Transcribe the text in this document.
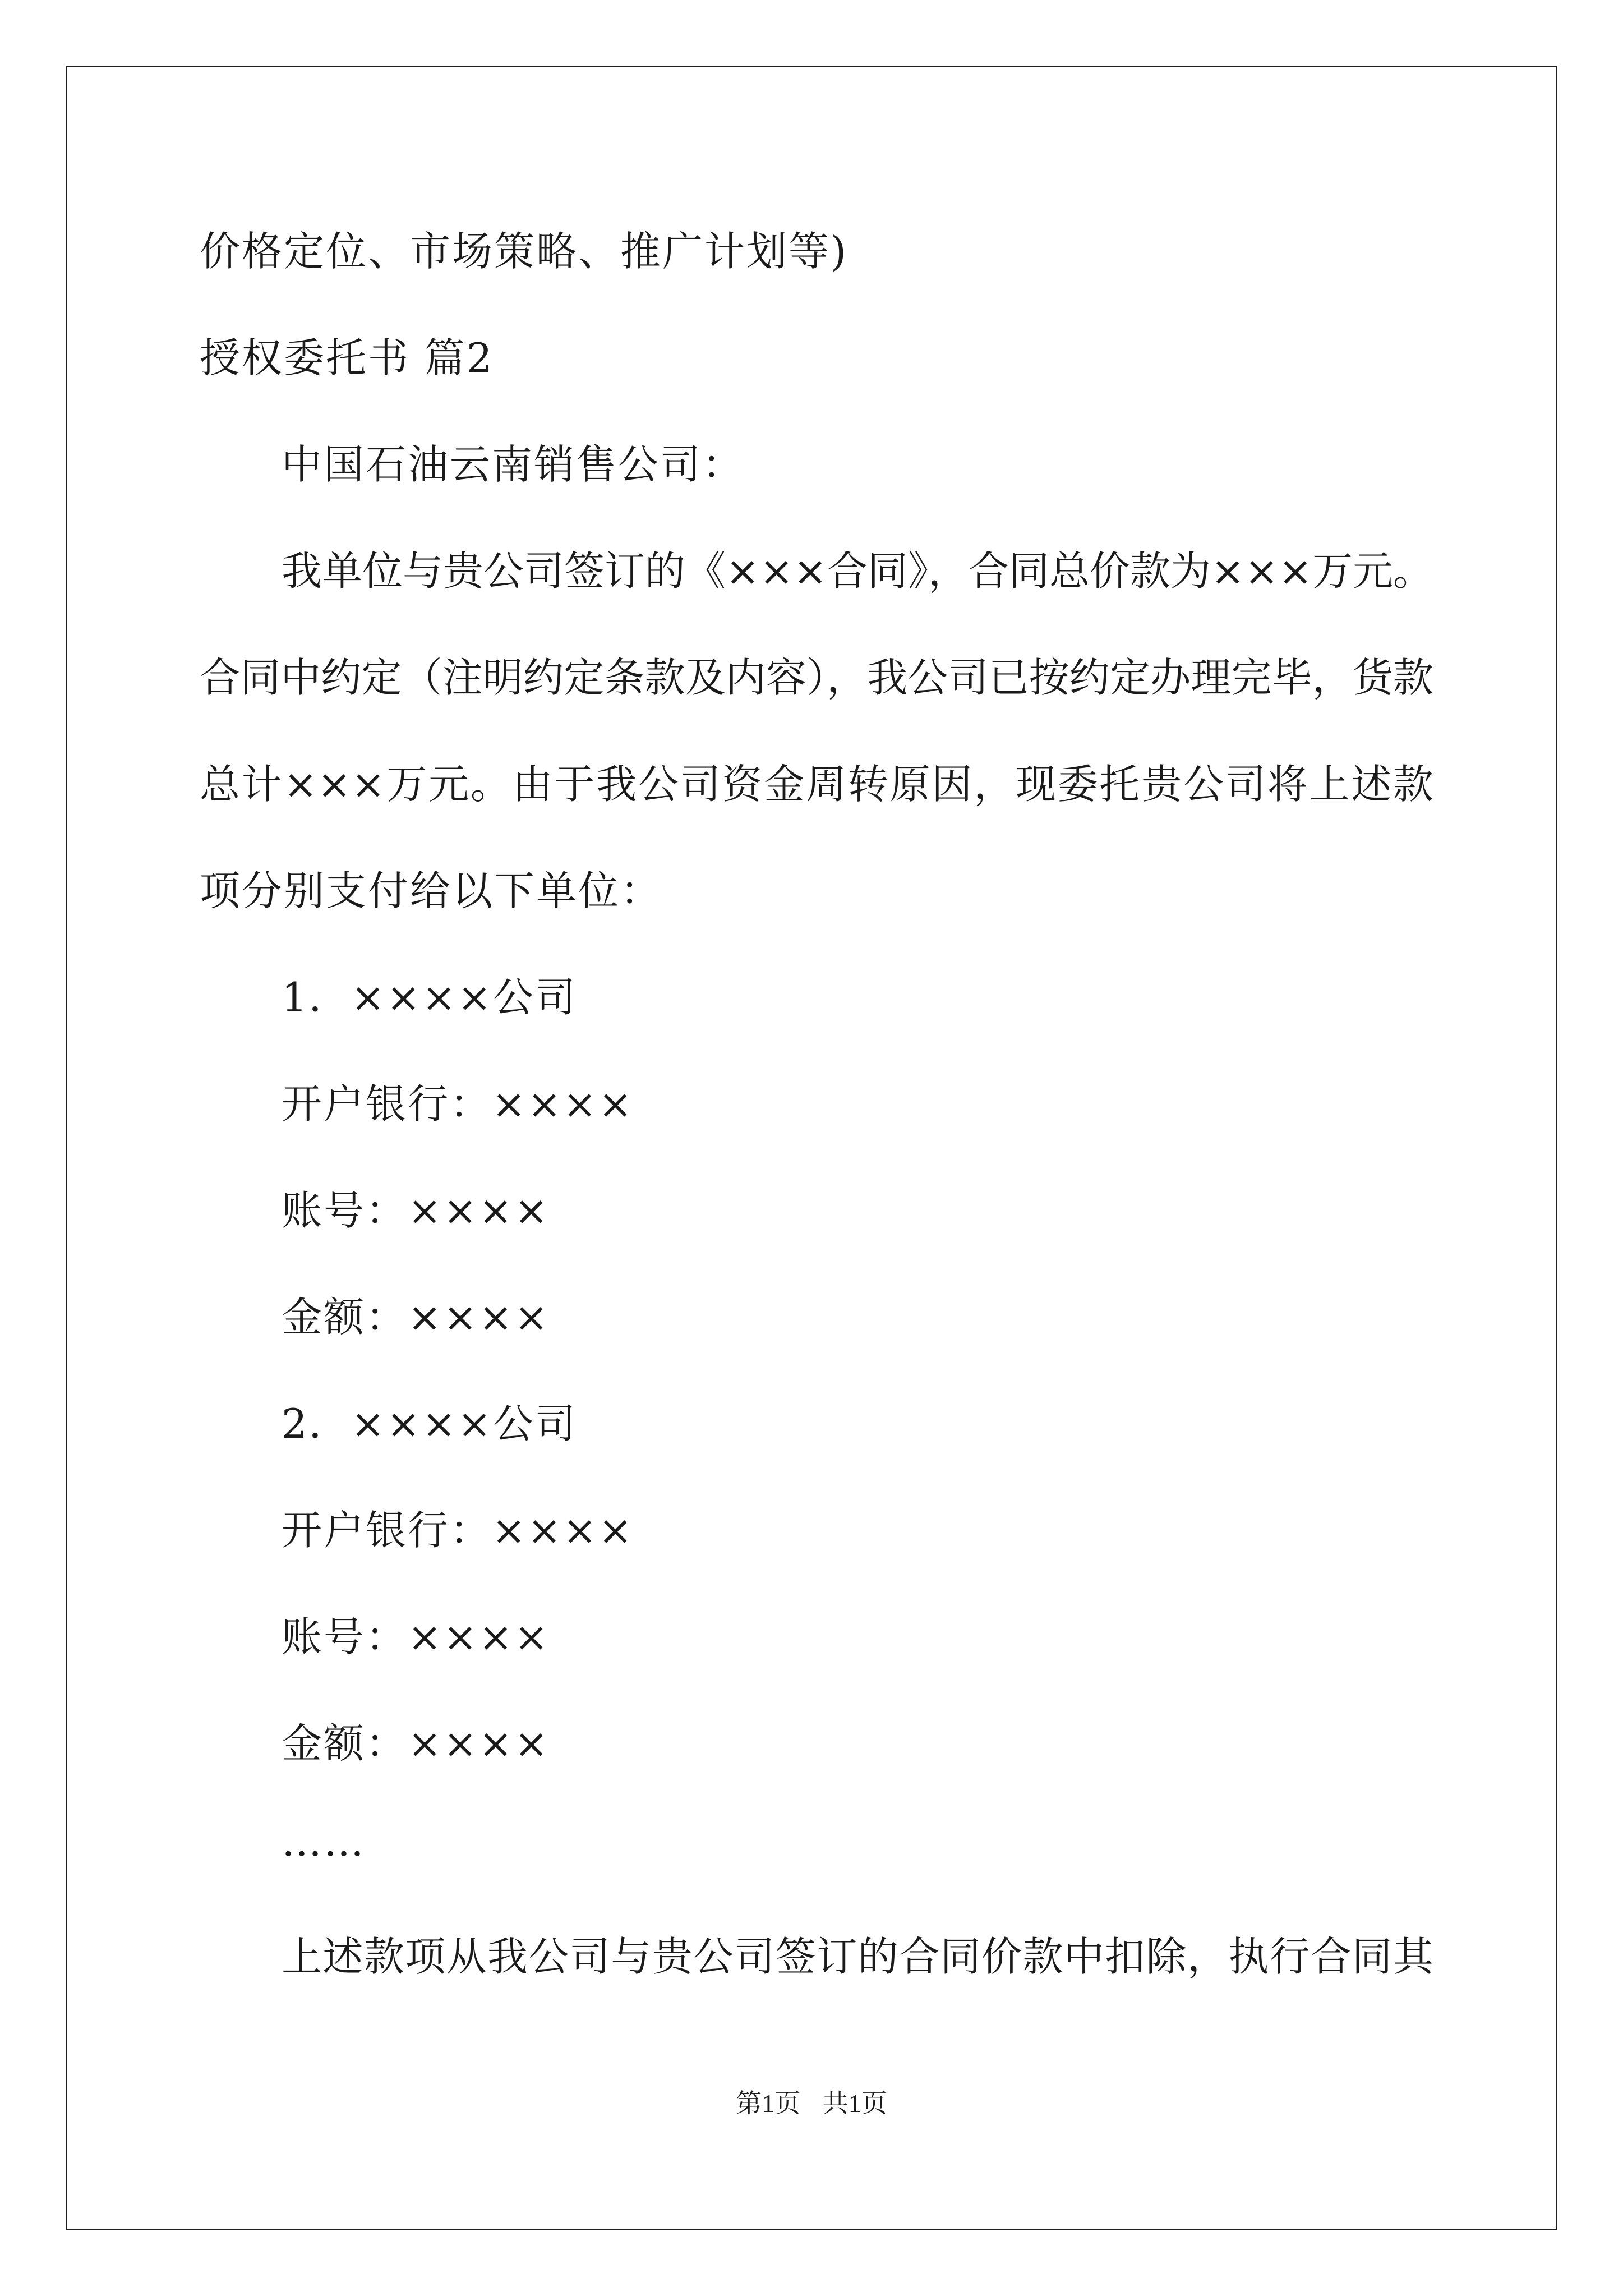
价格定位、市场策略、推广计划等)
授权委托书 篇2
中国石油云南销售公司：
我单位与贵公司签订的《×××合同》，合同总价款为×××万元。
合同中约定（注明约定条款及内容），我公司已按约定办理完毕，货款
总计×××万元。由于我公司资金周转原因，现委托贵公司将上述款
项分别支付给以下单位：
1．××××公司
开户银行：××××
账号：××××
金额：××××
2．××××公司
开户银行：××××
账号：××××
金额：××××
……
上述款项从我公司与贵公司签订的合同价款中扣除，执行合同其
第1页 共1页
